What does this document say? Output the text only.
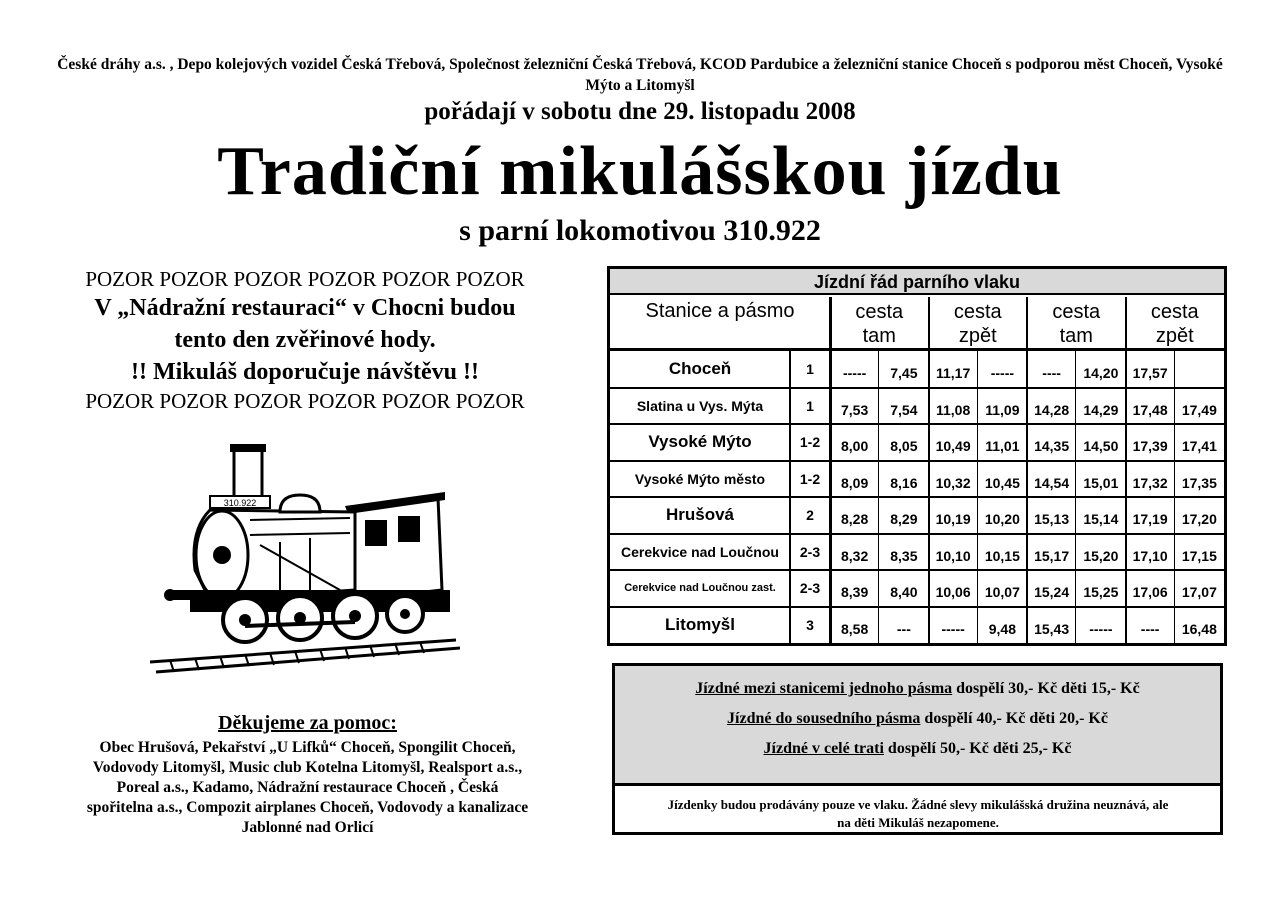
České dráhy a.s. , Depo kolejových vozidel Česká Třebová, Společnost železniční Česká Třebová, KCOD Pardubice a železniční stanice Choceň s podporou měst Choceň, Vysoké Mýto a Litomyšl
pořádají v sobotu dne 29. listopadu 2008
Tradiční mikulášskou jízdu
s parní lokomotivou 310.922
POZOR POZOR POZOR POZOR POZOR POZOR
V „Nádražní restauraci“ v Chocni budou
tento den zvěřinové hody.
!! Mikuláš doporučuje návštěvu !!
POZOR POZOR POZOR POZOR POZOR POZOR
310.922
Děkujeme za pomoc:
Obec Hrušová, Pekařství „U Lifků“ Choceň, Spongilit Choceň,
Vodovody Litomyšl, Music club Kotelna Litomyšl, Realsport a.s.,
Poreal a.s., Kadamo, Nádražní restaurace Choceň , Česká
spořitelna a.s., Compozit airplanes Choceň, Vodovody a kanalizace
Jablonné nad Orlicí
Jízdní řád parního vlaku
Stanice a pásmo	cesta
tam
cesta
zpět
cesta
tam
cesta
zpět
Choceň	1	-----	7,45	11,17	-----	----	14,20	17,57
Slatina u Vys. Mýta	1	7,53	7,54	11,08	11,09	14,28	14,29	17,48	17,49
Vysoké Mýto	1-2	8,00	8,05	10,49	11,01	14,35	14,50	17,39	17,41
Vysoké Mýto město	1-2	8,09	8,16	10,32	10,45	14,54	15,01	17,32	17,35
Hrušová	2	8,28	8,29	10,19	10,20	15,13	15,14	17,19	17,20
Cerekvice nad Loučnou	2-3	8,32	8,35	10,10	10,15	15,17	15,20	17,10	17,15
Cerekvice nad Loučnou zast.	2-3	8,39	8,40	10,06	10,07	15,24	15,25	17,06	17,07
Litomyšl	3	8,58	---	-----	9,48	15,43	-----	----	16,48
Jízdné mezi stanicemi jednoho pásma dospělí 30,- Kč děti 15,- Kč
Jízdné do sousedního pásma dospělí 40,- Kč děti 20,- Kč
Jízdné v celé trati dospělí 50,- Kč děti 25,- Kč
Jízdenky budou prodávány pouze ve vlaku. Žádné slevy mikulášská družina neuznává, ale
na děti Mikuláš nezapomene.
